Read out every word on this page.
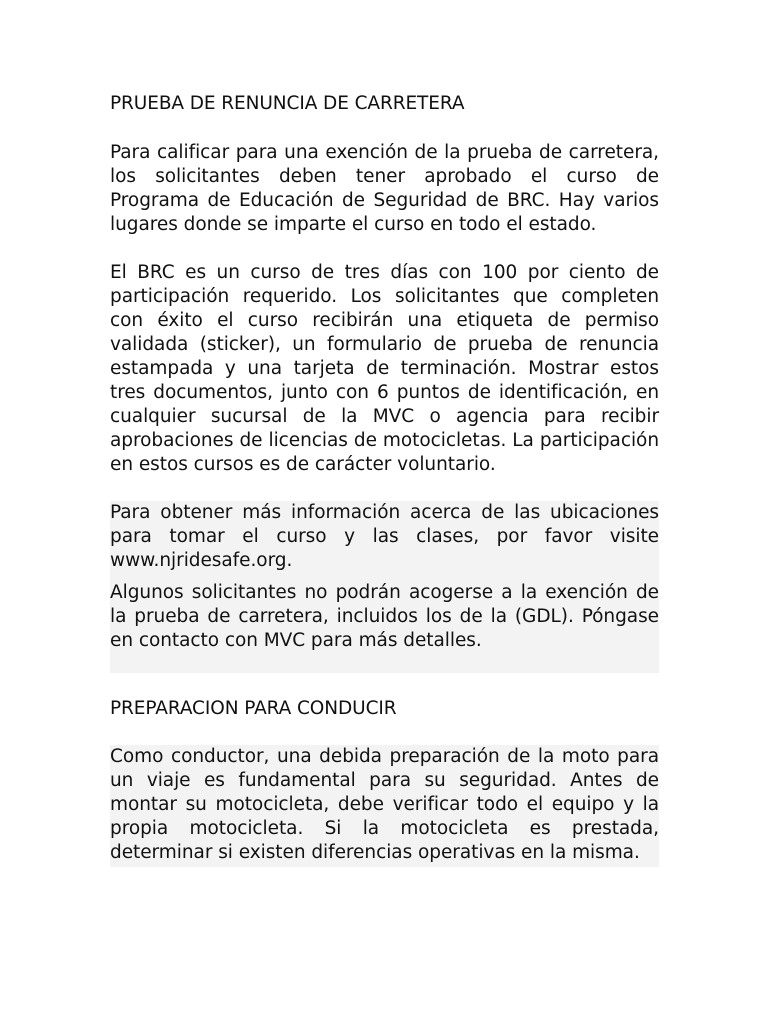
PRUEBA DE RENUNCIA DE CARRETERA

Para calificar para una exención de la prueba de carretera, los solicitantes deben tener aprobado el curso de Programa de Educación de Seguridad de BRC. Hay varios lugares donde se imparte el curso en todo el estado.

El BRC es un curso de tres días con 100 por ciento de participación requerido. Los solicitantes que completen con éxito el curso recibirán una etiqueta de permiso validada (sticker), un formulario de prueba de renuncia estampada y una tarjeta de terminación. Mostrar estos tres documentos, junto con 6 puntos de identificación, en cualquier sucursal de la MVC o agencia para recibir aprobaciones de licencias de motocicletas. La participación en estos cursos es de carácter voluntario.

Para obtener más información acerca de las ubicaciones para tomar el curso y las clases, por favor visite www.njridesafe.org.

Algunos solicitantes no podrán acogerse a la exención de la prueba de carretera, incluidos los de la (GDL). Póngase en contacto con MVC para más detalles.

PREPARACION PARA CONDUCIR

Como conductor, una debida preparación de la moto para un viaje es fundamental para su seguridad. Antes de montar su motocicleta, debe verificar todo el equipo y la propia motocicleta. Si la motocicleta es prestada, determinar si existen diferencias operativas en la misma.
